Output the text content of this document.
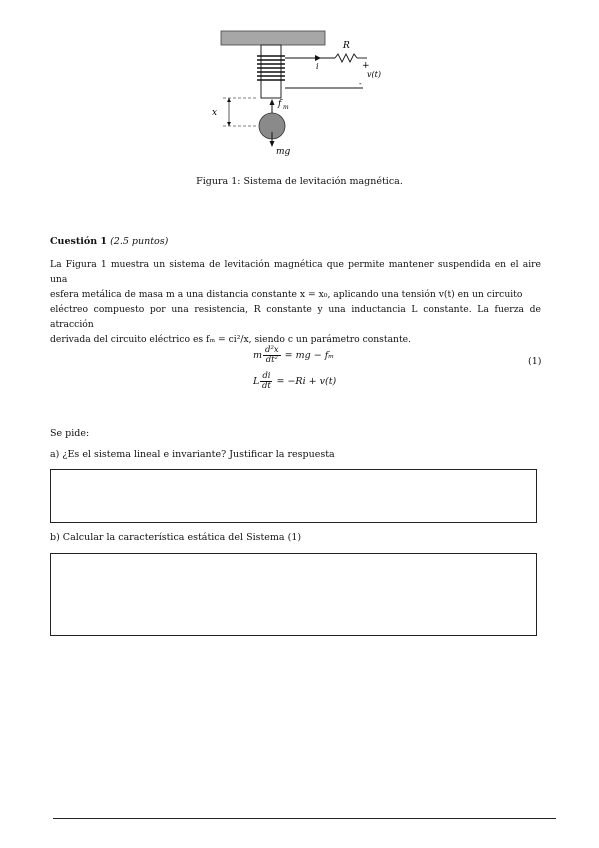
R
i	+
v(t)
-
x
f m
mg
Figura 1: Sistema de levitación magnética.
Cuestión 1 (2.5 puntos)
La Figura 1 muestra un sistema de levitación magnética que permite mantener suspendida en el aire una
esfera metálica de masa m a una distancia constante x = x₀, aplicando una tensión v(t) en un circuito
eléctreo compuesto por una resistencia, R constante y una inductancia L constante. La fuerza de atracción
derivada del circuito eléctrico es fₘ = ci²/x, siendo c un parámetro constante.
m $\frac{\text{d²x}}{\text{dt²}}$ = mg − fₘ
L $\frac{di}{dt} = -Ri + v(t)$
(1)
Se pide:
a) ¿Es el sistema lineal e invariante? Justificar la respuesta
b) Calcular la característica estática del Sistema (1)
